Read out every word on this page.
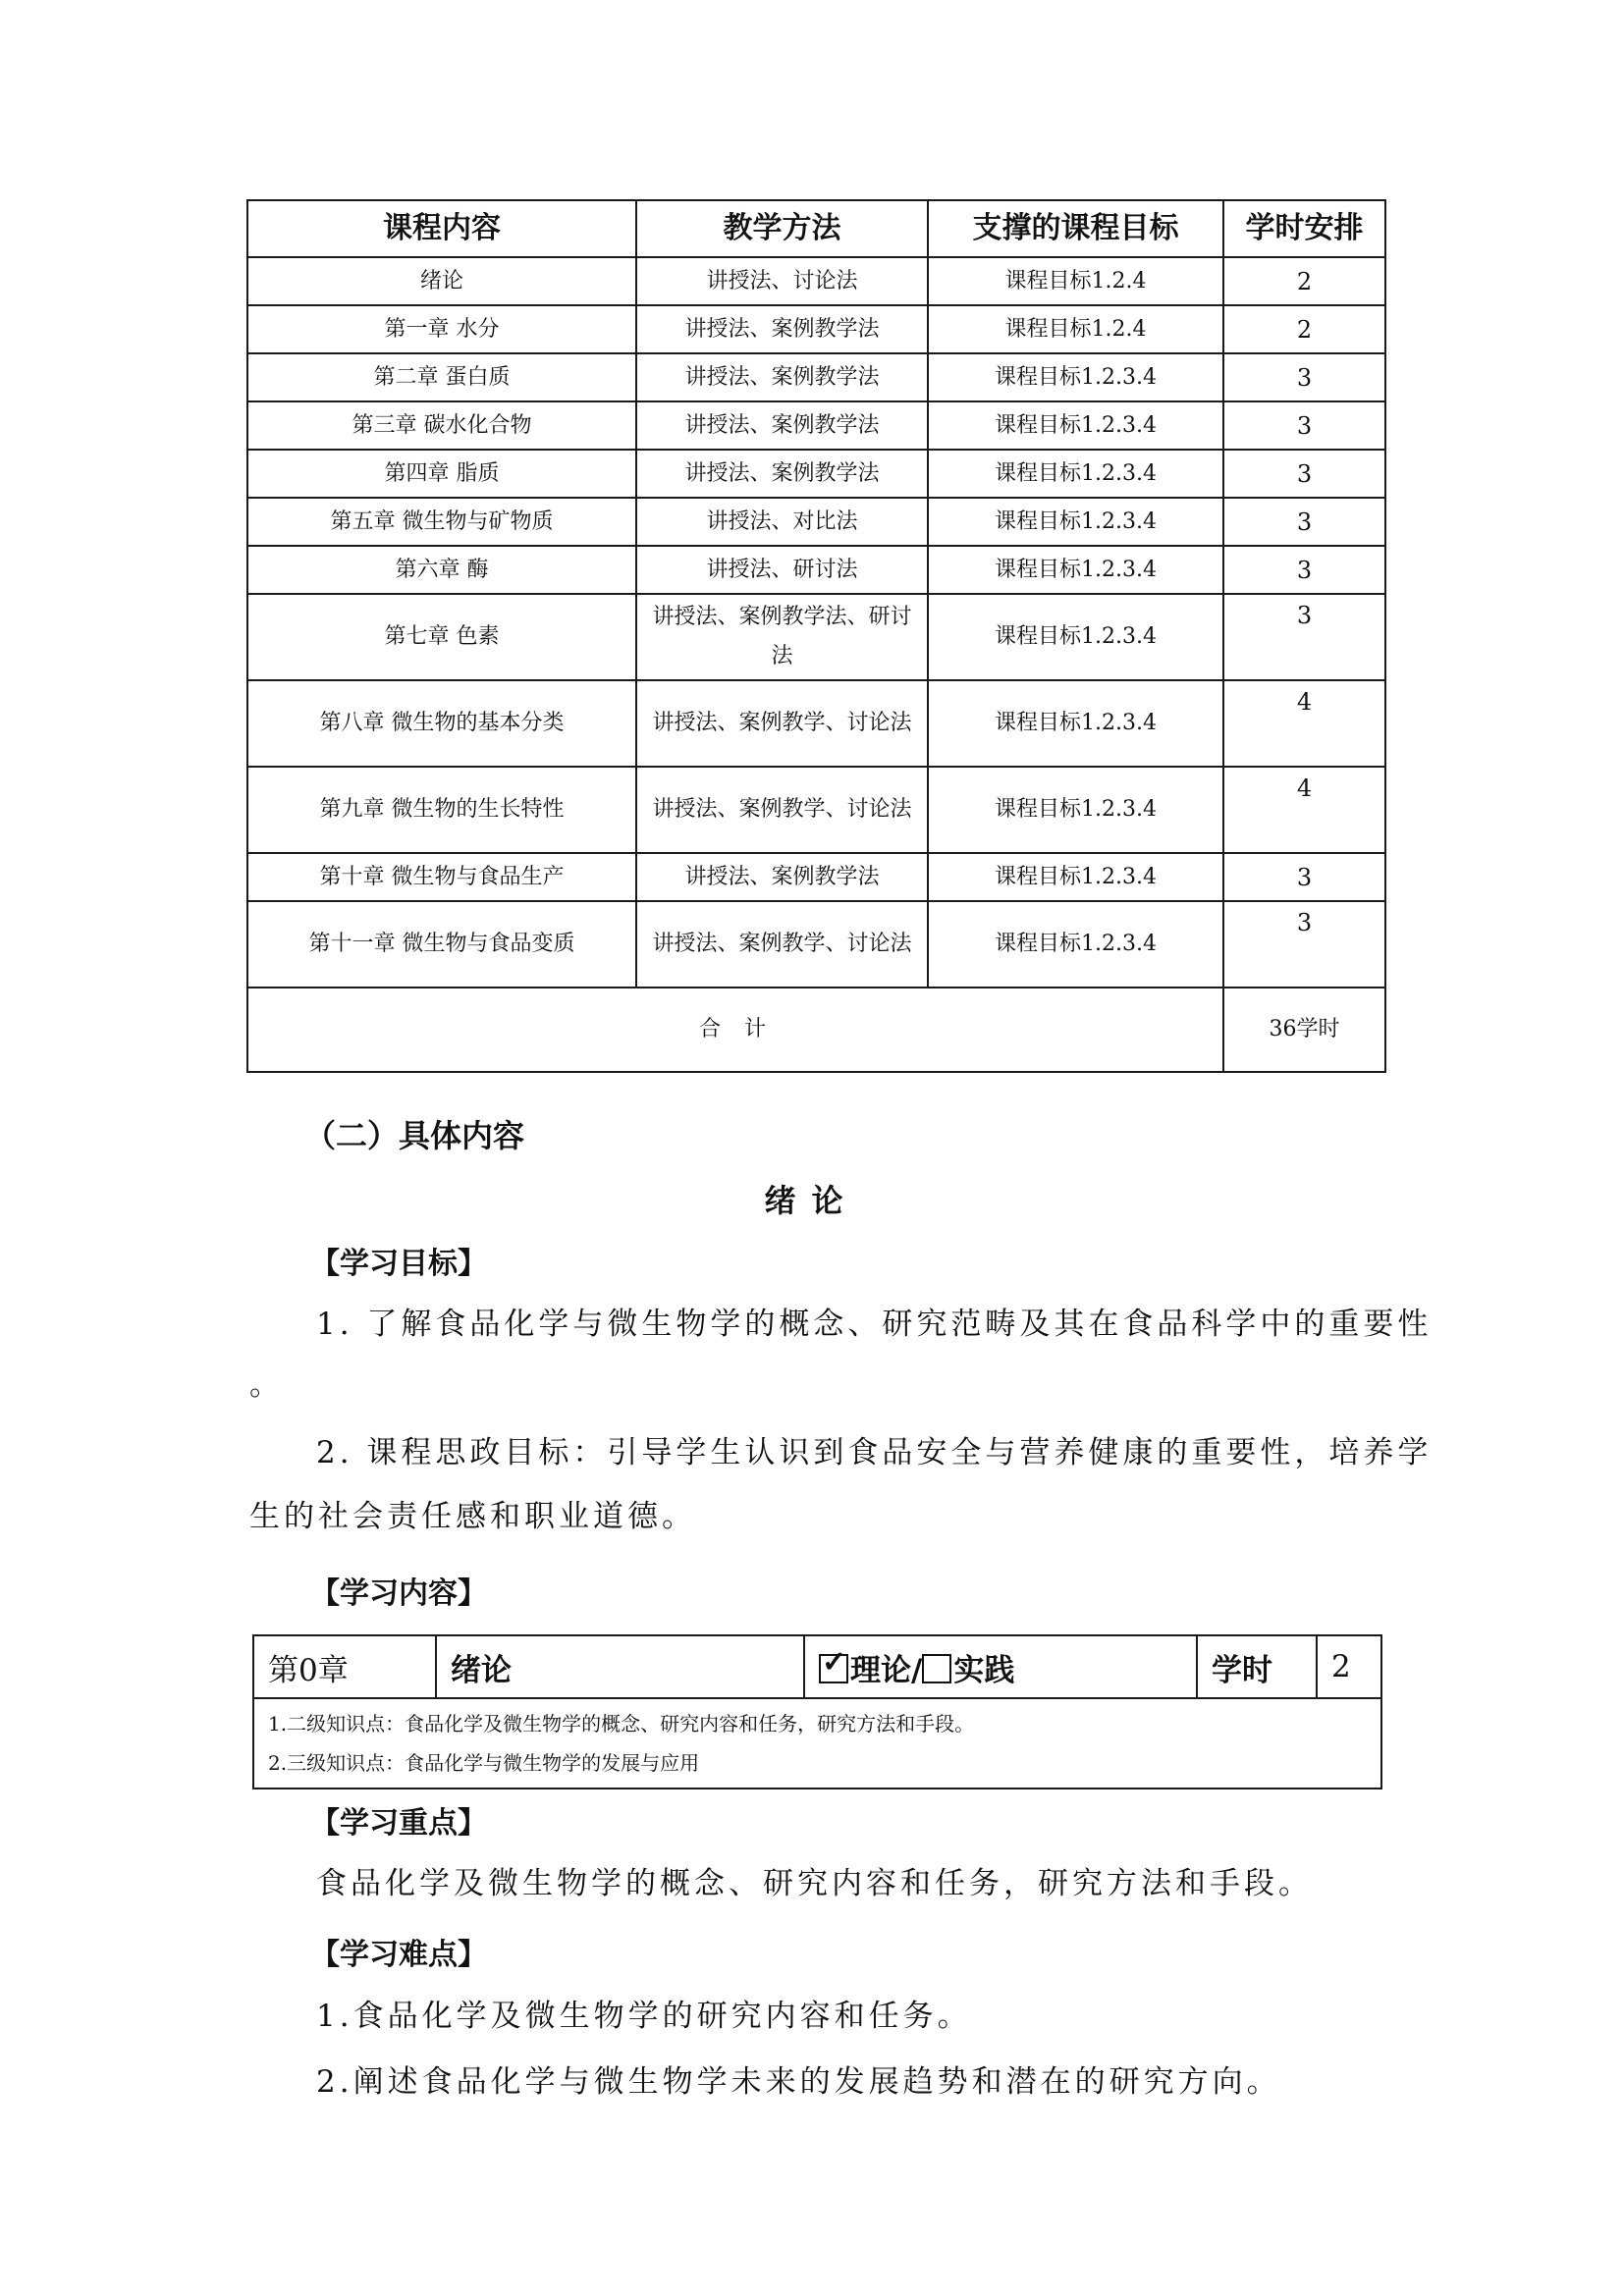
课程内容	教学方法	支撑的课程目标	学时安排
绪论	讲授法、讨论法	课程目标1.2.4	2
第一章 水分	讲授法、案例教学法	课程目标1.2.4	2
第二章 蛋白质	讲授法、案例教学法	课程目标1.2.3.4	3
第三章 碳水化合物	讲授法、案例教学法	课程目标1.2.3.4	3
第四章 脂质	讲授法、案例教学法	课程目标1.2.3.4	3
第五章 微生物与矿物质	讲授法、对比法	课程目标1.2.3.4	3
第六章 酶	讲授法、研讨法	课程目标1.2.3.4	3
第七章 色素	讲授法、案例教学法、研讨法	课程目标1.2.3.4	3
第八章 微生物的基本分类	讲授法、案例教学、讨论法	课程目标1.2.3.4	4
第九章 微生物的生长特性	讲授法、案例教学、讨论法	课程目标1.2.3.4	4
第十章 微生物与食品生产	讲授法、案例教学法	课程目标1.2.3.4	3
第十一章 微生物与食品变质	讲授法、案例教学、讨论法	课程目标1.2.3.4	3
合计			36学时
（二）具体内容
绪论
【学习目标】
1. 了解食品化学与微生物学的概念、研究范畴及其在食品科学中的重要性
。
2. 课程思政目标：引导学生认识到食品安全与营养健康的重要性，培养学
生的社会责任感和职业道德。
【学习内容】
第0章	绪论	✓ 理论/ 实践	学时	2

1.二级知识点：食品化学及微生物学的概念、研究内容和任务，研究方法和手段。
2.三级知识点：食品化学与微生物学的发展与应用
【学习重点】
食品化学及微生物学的概念、研究内容和任务，研究方法和手段。
【学习难点】
1.食品化学及微生物学的研究内容和任务。
2.阐述食品化学与微生物学未来的发展趋势和潜在的研究方向。
